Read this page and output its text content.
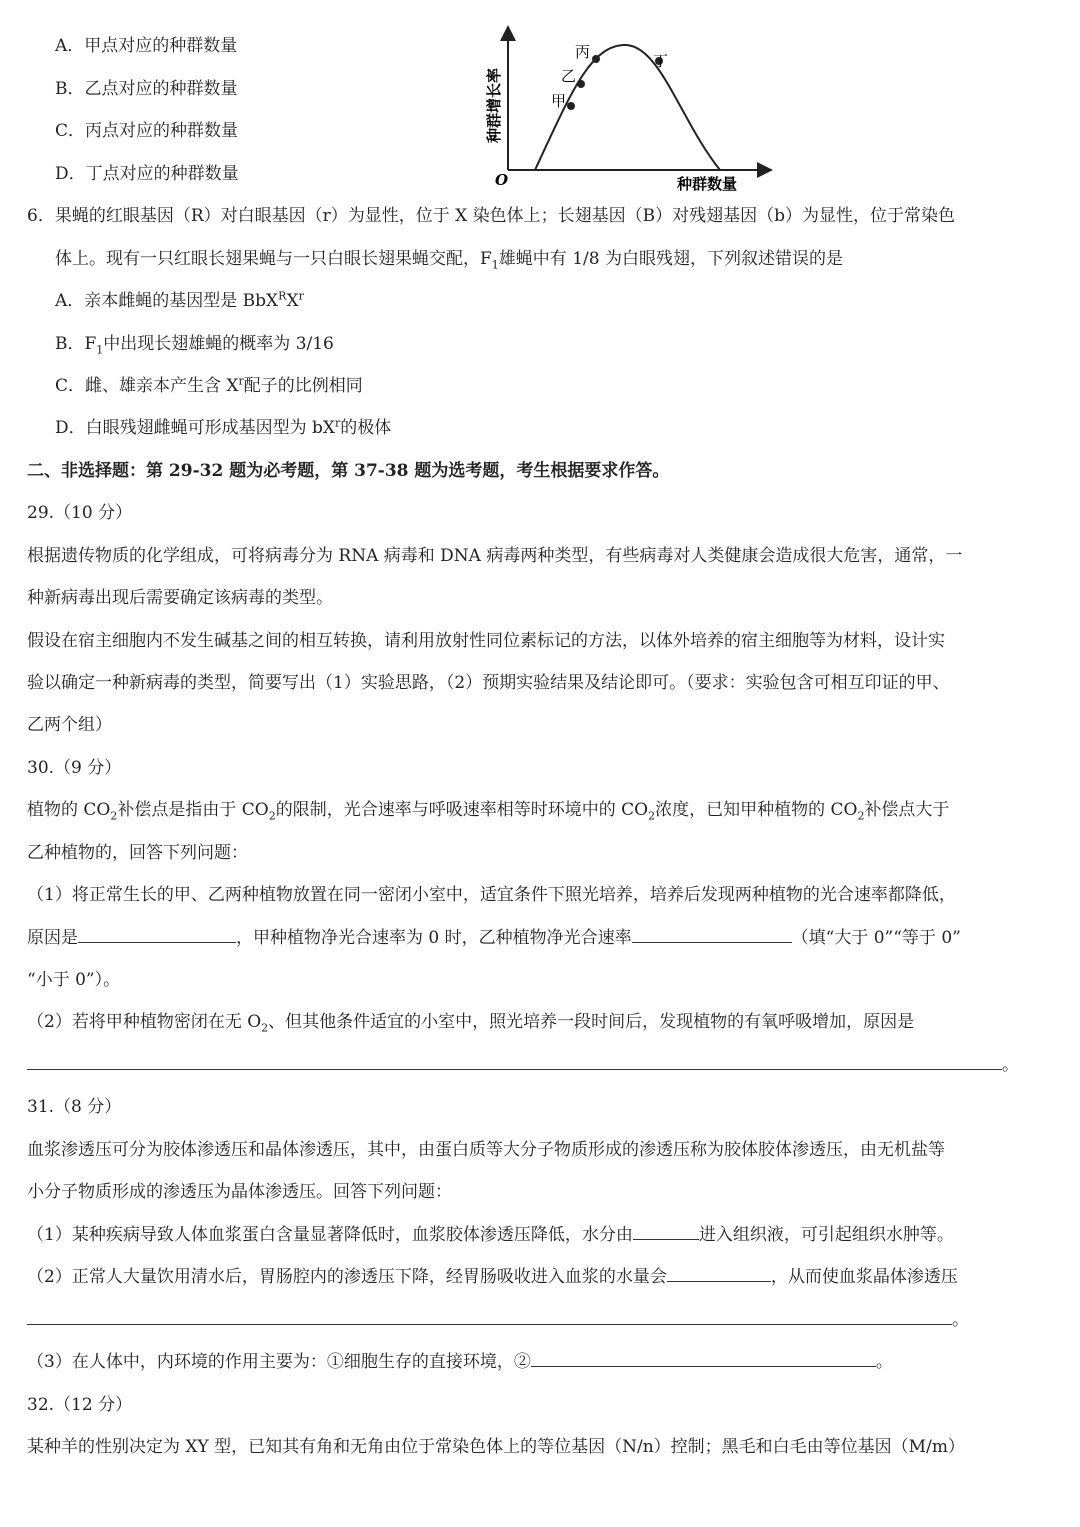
A．甲点对应的种群数量
B．乙点对应的种群数量
C．丙点对应的种群数量
D．丁点对应的种群数量
甲
乙
丙	丁
O	种群数量
种群增长率
6．果蝇的红眼基因（R）对白眼基因（r）为显性，位于 X 染色体上；长翅基因（B）对残翅基因（b）为显性，位于常染色
体上。现有一只红眼长翅果蝇与一只白眼长翅果蝇交配，$F_1$雄蝇中有 1/8 为白眼残翅，下列叙述错误的是
A．亲本雌蝇的基因型是 $BbX^RX^r$
B．$F_1$中出现长翅雄蝇的概率为 3/16
C．雌、雄亲本产生含 $X^r$配子的比例相同
D．白眼残翅雌蝇可形成基因型为 $bX^r$的极体
二、非选择题：第 29-32 题为必考题，第 37-38 题为选考题，考生根据要求作答。
29.（10 分）
根据遗传物质的化学组成，可将病毒分为 RNA 病毒和 DNA 病毒两种类型，有些病毒对人类健康会造成很大危害，通常，一
种新病毒出现后需要确定该病毒的类型。
假设在宿主细胞内不发生碱基之间的相互转换，请利用放射性同位素标记的方法，以体外培养的宿主细胞等为材料，设计实
验以确定一种新病毒的类型，简要写出（1）实验思路，（2）预期实验结果及结论即可。（要求：实验包含可相互印证的甲、
乙两个组）
30.（9 分）
植物的 $CO_2$补偿点是指由于 $CO_2$的限制，光合速率与呼吸速率相等时环境中的 $CO_2$浓度，已知甲种植物的 $CO_2$补偿点大于
乙种植物的，回答下列问题：
（1）将正常生长的甲、乙两种植物放置在同一密闭小室中，适宜条件下照光培养，培养后发现两种植物的光合速率都降低，
原因是	，甲种植物净光合速率为 0 时，乙种植物净光合速率	（填“大于 0”“等于 0”
“小于 0”）。
（2）若将甲种植物密闭在无 $O_2$、但其他条件适宜的小室中，照光培养一段时间后，发现植物的有氧呼吸增加，原因是
。
31.（8 分）
血浆渗透压可分为胶体渗透压和晶体渗透压，其中，由蛋白质等大分子物质形成的渗透压称为胶体胶体渗透压，由无机盐等
小分子物质形成的渗透压为晶体渗透压。回答下列问题：
（1）某种疾病导致人体血浆蛋白含量显著降低时，血浆胶体渗透压降低，水分由	进入组织液，可引起组织水肿等。
（2）正常人大量饮用清水后，胃肠腔内的渗透压下降，经胃肠吸收进入血浆的水量会	，从而使血浆晶体渗透压
。
（3）在人体中，内环境的作用主要为：①细胞生存的直接环境，②	。
32.（12 分）
某种羊的性别决定为 XY 型，已知其有角和无角由位于常染色体上的等位基因（N/n）控制；黑毛和白毛由等位基因（M/m）
